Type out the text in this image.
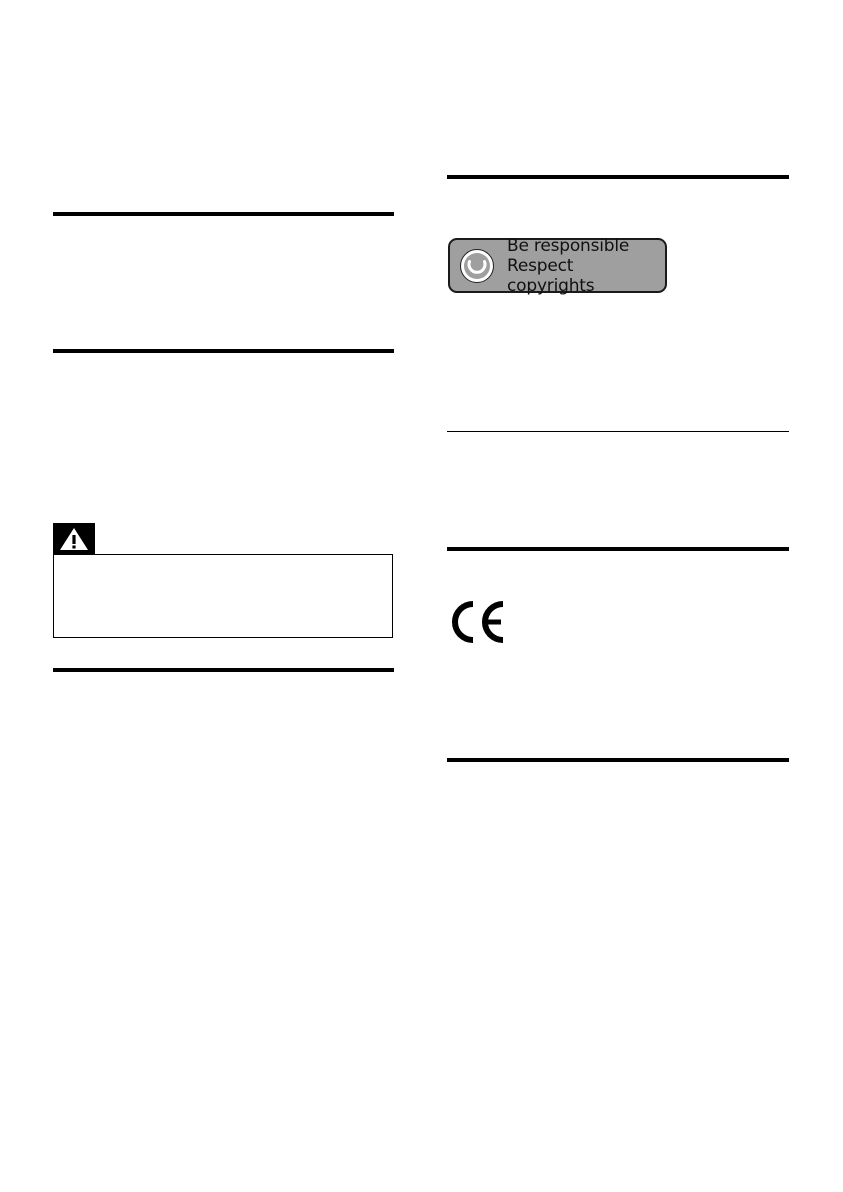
Be responsible
Respect copyrights
